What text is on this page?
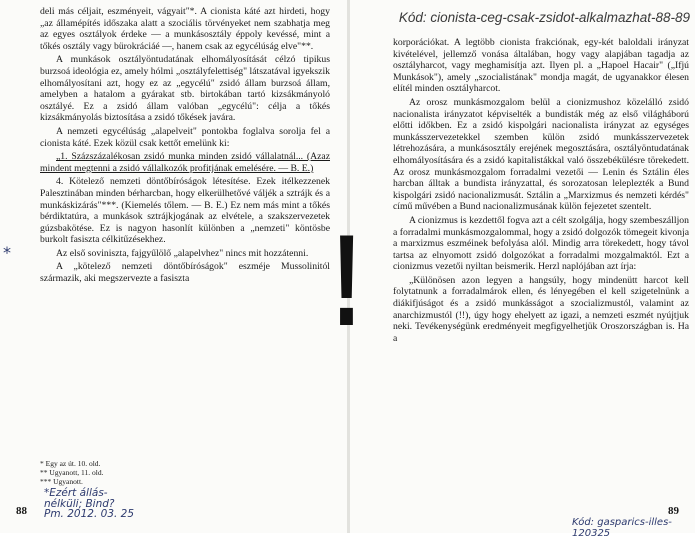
deli más céljait, eszményeit, vágyait"*. A cionista káté azt hirdeti, hogy „az államépítés időszaka alatt a szociális törvényeket nem szabhatja meg az egyes osztályok érdeke — a munkásosztály éppoly kevéssé, mint a tőkés osztály vagy bürokráciáé —, hanem csak az egycélúság elve"**.

A munkások osztályöntudatának elhomályosítását célzó tipikus burzsoá ideológia ez, amely hólmi „osztályfelettiség" látszatával igyekszik elhomályosítani azt, hogy ez az „egycélú" zsidó állam burzsoá állam, amelyben a hatalom a gyárakat stb. birtokában tartó kizsákmányoló osztályé. Ez a zsidó állam valóban „egycélú": célja a tőkés kizsákmányolás biztosítása a zsidó tőkések javára.

A nemzeti egycélúság „alapelveit" pontokba foglalva sorolja fel a cionista káté. Ezek közül csak kettőt emelünk ki:

„1. Százszázalékosan zsidó munka minden zsidó vállalatnál... (Azaz mindent megtenni a zsidó vállalkozók profitjának emelésére. — B. E.)

4. Kötelező nemzeti döntőbíróságok létesítése. Ezek itélkezzenek Palesztinában minden bérharcban, hogy elkerülhetővé váljék a sztrájk és a munkáskizárás"***. (Kiemelés tőlem. — B. E.) Ez nem más mint a tőkés bérdiktatúra, a munkások sztrájkjogának az elvétele, a szakszervezetek gúzsbakötése. Ez is nagyon hasonlít különben a „nemzeti" köntösbe burkolt fasiszta célkitűzésekhez.

Az első soviniszta, fajgyűlölő „alapelvhez" nincs mit hozzátenni.

A „kötelező nemzeti döntőbíróságok" eszméje Mussolinitól származik, aki megszervezte a fasiszta

* Egy az út. 10. old.
** Ugyanott, 11. old.
*** Ugyanott.
88
*Ezért állás-
nélküli; Bind?
Pm. 2012. 03. 25
*
Kód: cionista-ceg-csak-zsidot-alkalmazhat-88-89

korporációkat. A legtöbb cionista frakciónak, egy-két baloldali irányzat kivételével, jellemző vonása általában, hogy vagy alapjában tagadja az osztályharcot, vagy meghamisítja azt. Ilyen pl. a „Hapoel Hacair" („Ifjú Munkások"), amely „szocialistának" mondja magát, de ugyanakkor élesen elítél minden osztályharcot.

Az orosz munkásmozgalom belül a cionizmushoz közelálló zsidó nacionalista irányzatot képviselték a bundisták még az első világháború előtti időkben. Ez a zsidó kispolgári nacionalista irányzat az egységes munkásszervezetekkel szemben külön zsidó munkásszervezetek létrehozására, a munkásosztály erejének megosztására, osztályöntudatának elhomályosítására és a zsidó kapitalistákkal való összebékülésre törekedett. Az orosz munkásmozgalom forradalmi vezetői — Lenin és Sztálin éles harcban álltak a bundista irányzattal, és sorozatosan leleplezték a Bund kispolgári zsidó nacionalizmusát. Sztálin a „Marxizmus és nemzeti kérdés" című művében a Bund nacionalizmusának külön fejezetet szentelt.

A cionizmus is kezdettől fogva azt a célt szolgálja, hogy szembeszálljon a forradalmi munkásmozgalommal, hogy a zsidó dolgozók tömegeit kivonja a marxizmus eszméinek befolyása alól. Mindig arra törekedett, hogy távol tartsa az elnyomott zsidó dolgozókat a forradalmi mozgalmaktól. Ezt a cionizmus vezetői nyiltan beismerik. Herzl naplójában azt írja:

„Különösen azon legyen a hangsúly, hogy mindenütt harcot kell folytatnunk a forradalmárok ellen, és lényegében el kell szigetelnünk a diákifjúságot és a zsidó munkásságot a szocializmustól, valamint az anarchizmustól (!!), úgy hogy ehelyett az igazi, a nemzeti eszmét nyújtjuk neki. Tevékenységünk eredményeit megfigyelhetjük Oroszországban is. Ha a

89
Kód: gasparics-illes-120325
!
